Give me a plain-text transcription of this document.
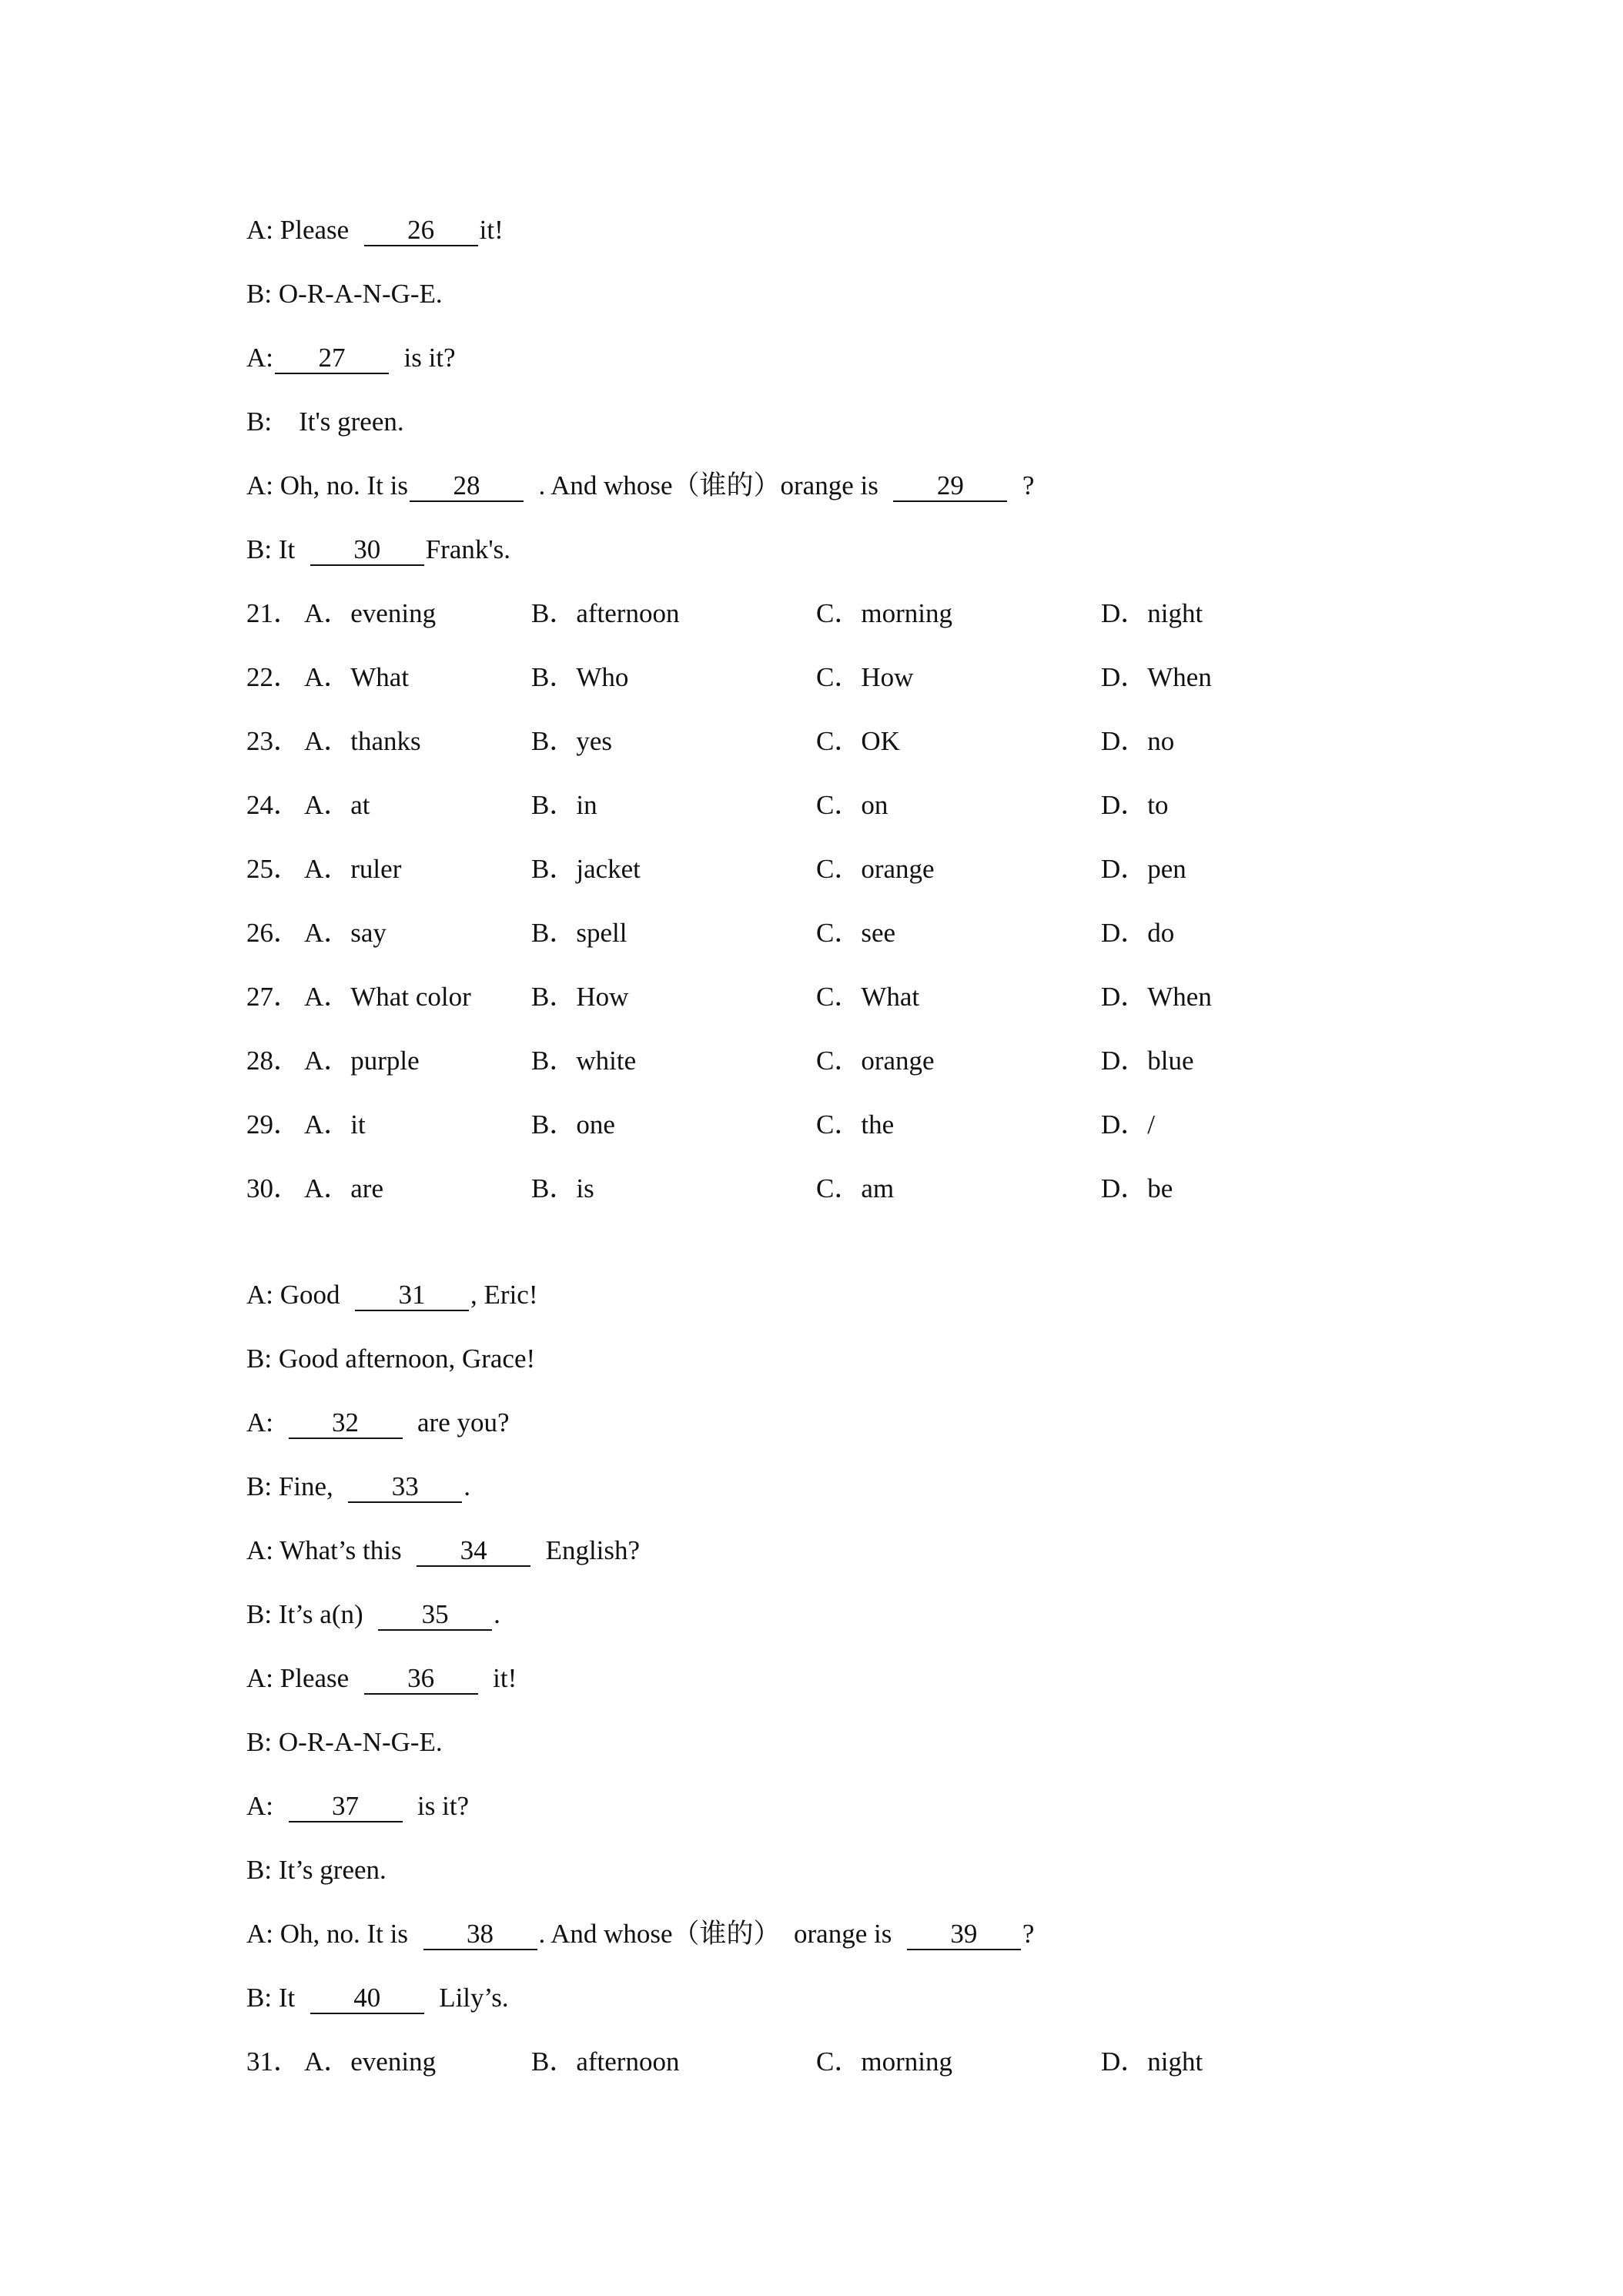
A: Please  26 it!
B: O-R-A-N-G-E.
A: 27  is it?
B:    It's green.
A: Oh, no. It is 28  . And whose（谁的）orange is  29  ?
B: It  30 Frank's.
21． A．evening	B．afternoon	C．morning	D．night
22． A．What	B．Who	C．How	D．When
23． A．thanks	B．yes	C．OK	D．no
24． A．at	B．in	C．on	D．to
25． A．ruler	B．jacket	C．orange	D．pen
26． A．say	B．spell	C．see	D．do
27． A．What color B．How	C．What	D．When
28． A．purple	B．white	C．orange	D．blue
29． A．it	B．one	C．the	D．/
30． A．are	B．is	C．am	D．be
A: Good  31 , Eric!
B: Good afternoon, Grace!
A:  32  are you?
B: Fine,  33 .
A: What’s this  34  English?
B: It’s a(n)  35 .
A: Please  36  it!
B: O-R-A-N-G-E.
A:  37  is it?
B: It’s green.
A: Oh, no. It is  38 . And whose（谁的）  orange is  39 ?
B: It  40  Lily’s.
31． A．evening	B．afternoon	C．morning	D．night
